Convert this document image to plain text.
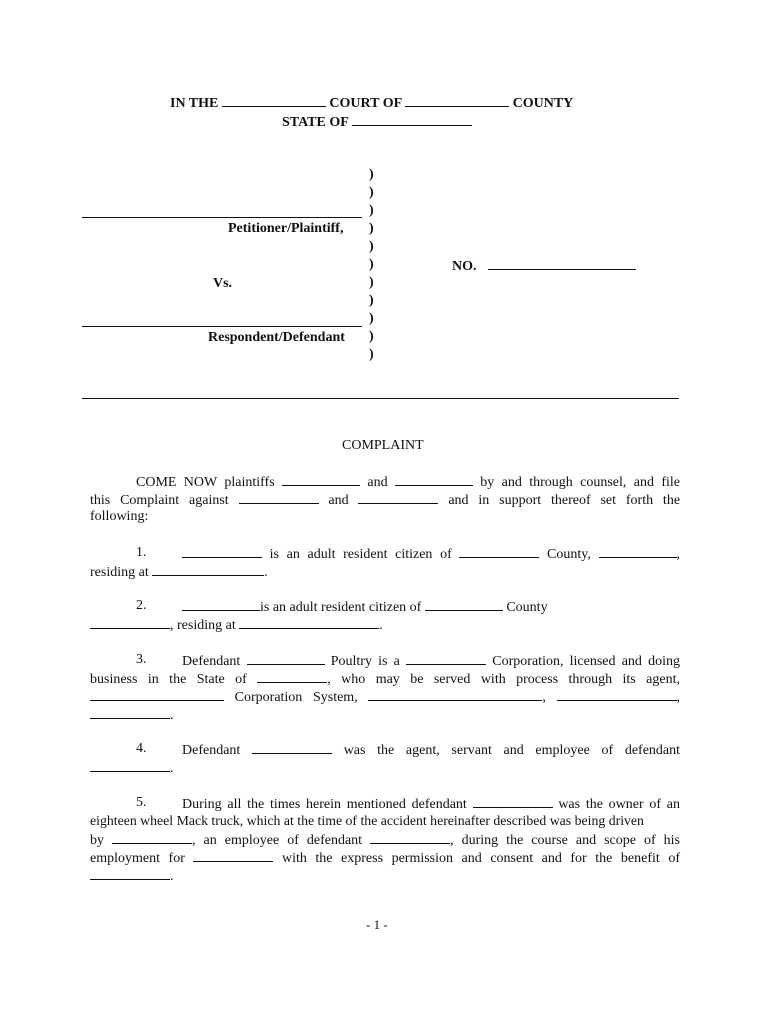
IN THE	COURT OF	COUNTY
STATE OF
)
)
)
)
)
)
)
)
)
)
)
Petitioner/Plaintiff,
Vs.
Respondent/Defendant
NO.
COMPLAINT
COME NOW plaintiffs	and	by and through counsel, and file
this Complaint against	and	and in support thereof set forth the
following:
1.	is an adult resident citizen of	County,	,
residing at	.
2.	is an adult resident citizen of	County
, residing at	.
3.	Defendant	Poultry is a	Corporation, licensed and doing
business in the State of	, who may be served with process through its agent,
Corporation System,	,	,
.
4.	Defendant	was the agent, servant and employee of defendant
.
5.	During all the times herein mentioned defendant	was the owner of an
eighteen wheel Mack truck, which at the time of the accident hereinafter described was being driven
by	, an employee of defendant	, during the course and scope of his
employment for	with the express permission and consent and for the benefit of
.
- 1 -
